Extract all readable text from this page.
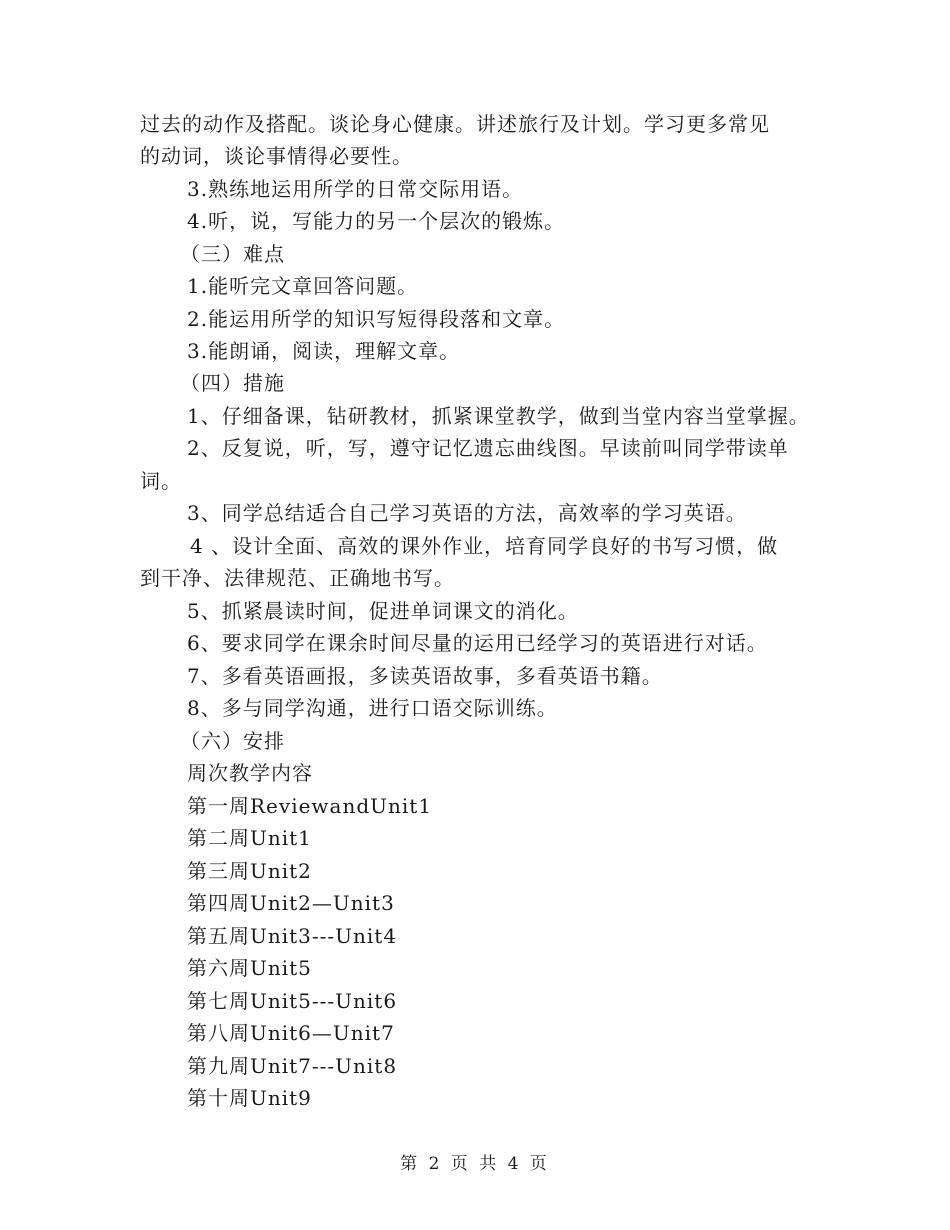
过去的动作及搭配。谈论身心健康。讲述旅行及计划。学习更多常见
的动词，谈论事情得必要性。
3.熟练地运用所学的日常交际用语。
4.听，说，写能力的另一个层次的锻炼。
（三）难点
1.能听完文章回答问题。
2.能运用所学的知识写短得段落和文章。
3.能朗诵，阅读，理解文章。
（四）措施
1、仔细备课，钻研教材，抓紧课堂教学，做到当堂内容当堂掌握。
2、反复说，听，写，遵守记忆遗忘曲线图。早读前叫同学带读单
词。
3、同学总结适合自己学习英语的方法，高效率的学习英语。
4 、设计全面、高效的课外作业，培育同学良好的书写习惯，做
到干净、法律规范、正确地书写。
5、抓紧晨读时间，促进单词课文的消化。
6、要求同学在课余时间尽量的运用已经学习的英语进行对话。
7、多看英语画报，多读英语故事，多看英语书籍。
8、多与同学沟通，进行口语交际训练。
（六）安排
周次教学内容
第一周ReviewandUnit1
第二周Unit1
第三周Unit2
第四周Unit2—Unit3
第五周Unit3---Unit4
第六周Unit5
第七周Unit5---Unit6
第八周Unit6—Unit7
第九周Unit7---Unit8
第十周Unit9
第 2 页 共 4 页
